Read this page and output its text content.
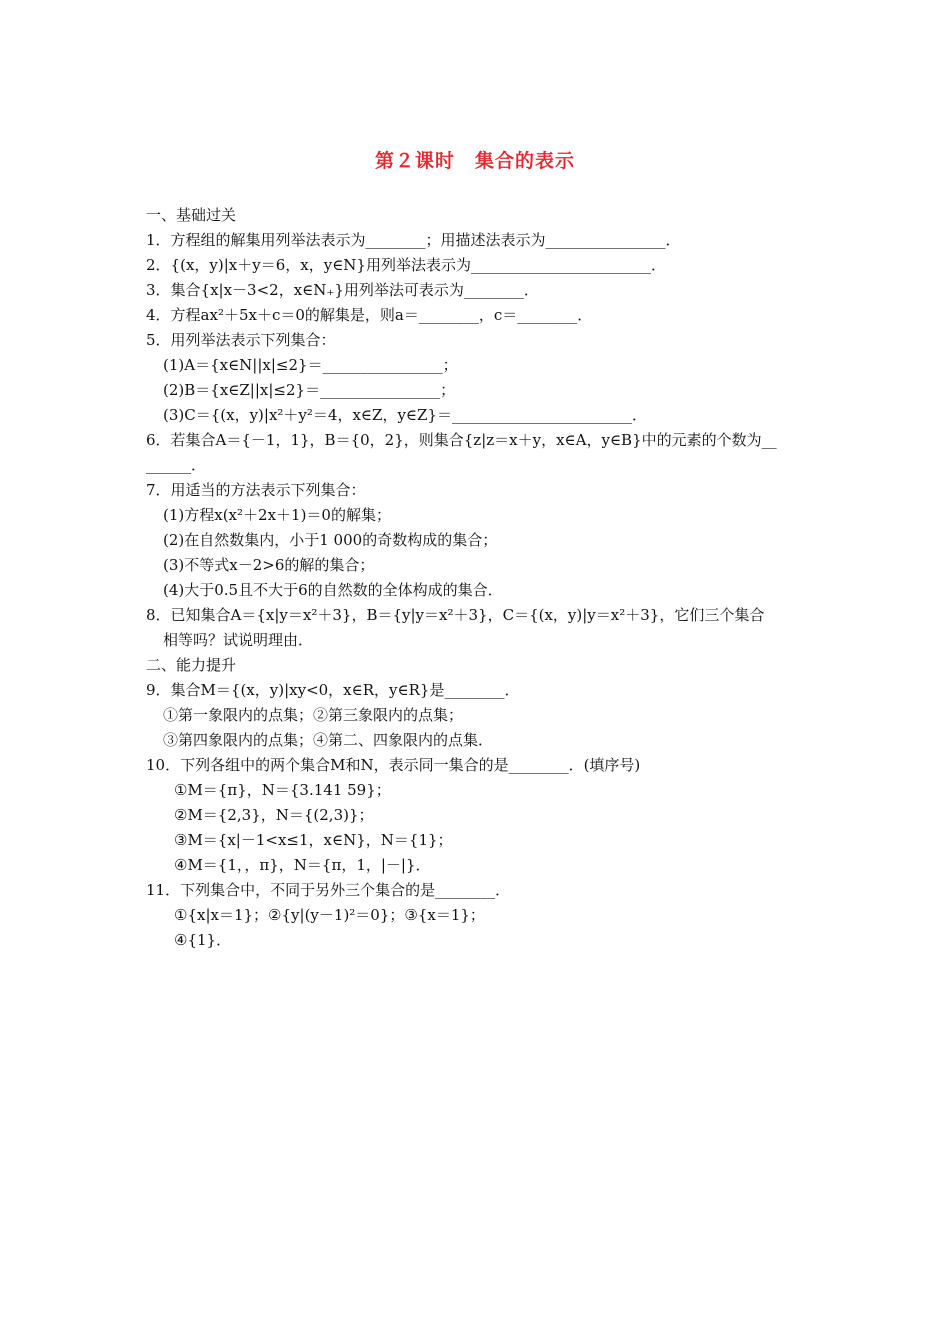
第２课时　集合的表示
一、基础过关
1．方程组的解集用列举法表示为________；用描述法表示为________________．
2．{(x，y)|x＋y＝6，x，y∈N}用列举法表示为________________________．
3．集合{x|x－3<2，x∈N₊}用列举法可表示为________．
4．方程ax²＋5x＋c＝0的解集是，则a＝________，c＝________．
5．用列举法表示下列集合：
(1)A＝{x∈N||x|≤2}＝________________；
(2)B＝{x∈Z||x|≤2}＝________________；
(3)C＝{(x，y)|x²＋y²＝4，x∈Z，y∈Z}＝________________________．
6．若集合A＝{－1，1}，B＝{0，2}，则集合{z|z＝x＋y，x∈A，y∈B}中的元素的个数为__
______．
7．用适当的方法表示下列集合：
(1)方程x(x²＋2x＋1)＝0的解集；
(2)在自然数集内，小于1 000的奇数构成的集合；
(3)不等式x－2>6的解的集合；
(4)大于0.5且不大于6的自然数的全体构成的集合．
8．已知集合A＝{x|y＝x²＋3}，B＝{y|y＝x²＋3}，C＝{(x，y)|y＝x²＋3}，它们三个集合
相等吗？试说明理由．
二、能力提升
9．集合M＝{(x，y)|xy<0，x∈R，y∈R}是________．
①第一象限内的点集；②第三象限内的点集；
③第四象限内的点集；④第二、四象限内的点集．
10．下列各组中的两个集合M和N，表示同一集合的是________．(填序号)
①M＝{π}，N＝{3.141 59}；
②M＝{2,3}，N＝{(2,3)}；
③M＝{x|－1<x≤1，x∈N}，N＝{1}；
④M＝{1，，π}，N＝{π，1，|－|}．
11．下列集合中，不同于另外三个集合的是________．
①{x|x＝1}；②{y|(y－1)²＝0}；③{x＝1}；
④{1}．
